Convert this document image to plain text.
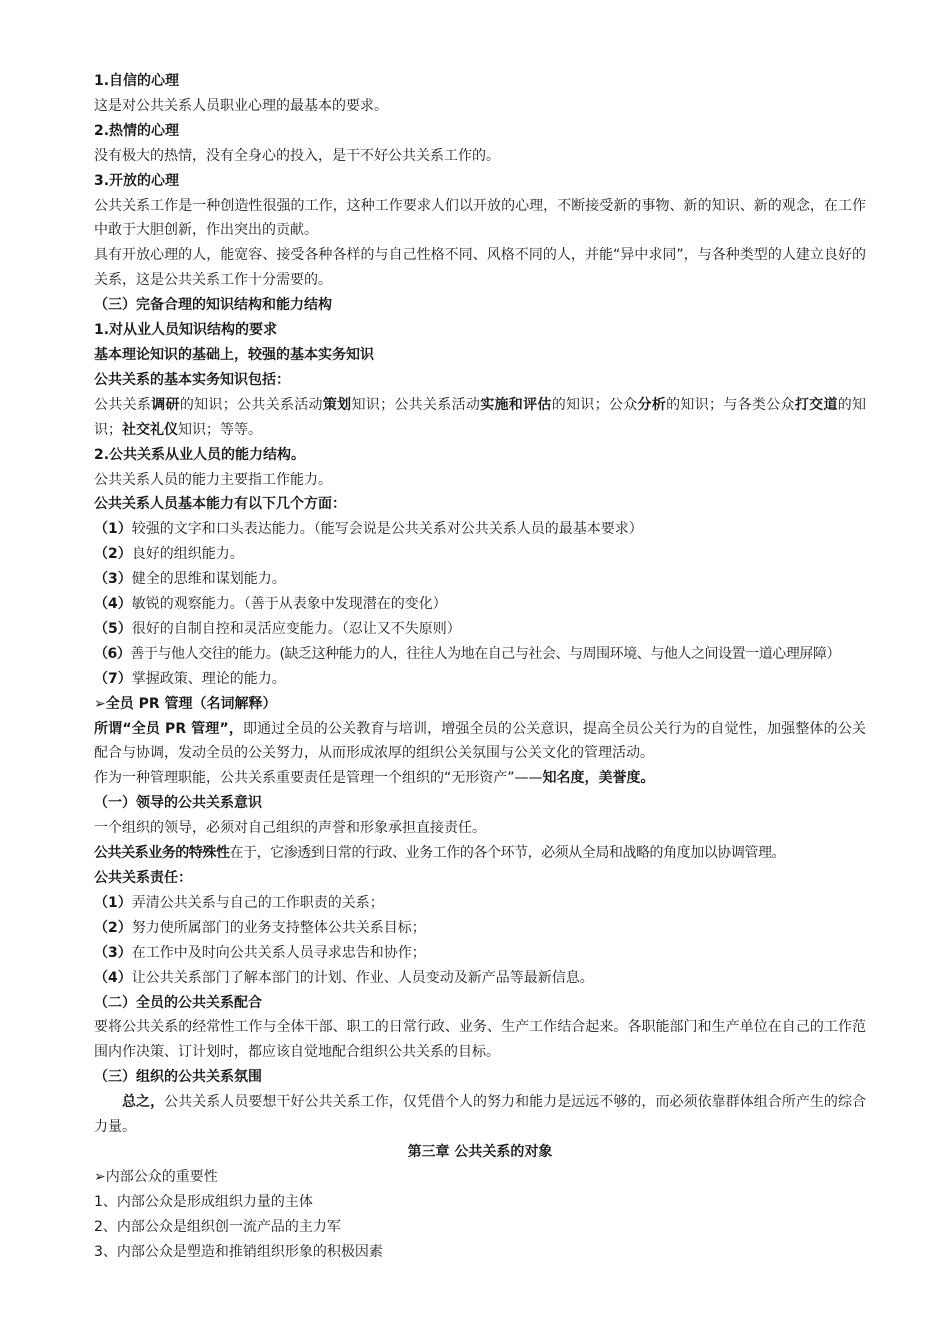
1.自信的心理

这是对公共关系人员职业心理的最基本的要求。

2.热情的心理

没有极大的热情，没有全身心的投入，是干不好公共关系工作的。

3.开放的心理

公共关系工作是一种创造性很强的工作，这种工作要求人们以开放的心理，不断接受新的事物、新的知识、新的观念，在工作中敢于大胆创新，作出突出的贡献。

具有开放心理的人，能宽容、接受各种各样的与自己性格不同、风格不同的人，并能“异中求同”，与各种类型的人建立良好的关系，这是公共关系工作十分需要的。

（三）完备合理的知识结构和能力结构

1.对从业人员知识结构的要求

基本理论知识的基础上，较强的基本实务知识

公共关系的基本实务知识包括：

公共关系调研的知识；公共关系活动策划知识；公共关系活动实施和评估的知识；公众分析的知识；与各类公众打交道的知识；社交礼仪知识；等等。

2.公共关系从业人员的能力结构。

公共关系人员的能力主要指工作能力。

公共关系人员基本能力有以下几个方面：

（1）较强的文字和口头表达能力。（能写会说是公共关系对公共关系人员的最基本要求）

（2）良好的组织能力。

（3）健全的思维和谋划能力。

（4）敏锐的观察能力。（善于从表象中发现潜在的变化）

（5）很好的自制自控和灵活应变能力。（忍让又不失原则）

（6）善于与他人交往的能力。(缺乏这种能力的人，往往人为地在自己与社会、与周围环境、与他人之间设置一道心理屏障）

（7）掌握政策、理论的能力。

➢全员 PR 管理（名词解释）

所谓“全员 PR 管理”，即通过全员的公关教育与培训，增强全员的公关意识，提高全员公关行为的自觉性，加强整体的公关配合与协调，发动全员的公关努力，从而形成浓厚的组织公关氛围与公关文化的管理活动。

作为一种管理职能，公共关系重要责任是管理一个组织的“无形资产”——知名度，美誉度。

（一）领导的公共关系意识

一个组织的领导，必须对自己组织的声誉和形象承担直接责任。

公共关系业务的特殊性在于，它渗透到日常的行政、业务工作的各个环节，必须从全局和战略的角度加以协调管理。

公共关系责任：

（1）弄清公共关系与自己的工作职责的关系；

（2）努力使所属部门的业务支持整体公共关系目标；

（3）在工作中及时向公共关系人员寻求忠告和协作；

（4）让公共关系部门了解本部门的计划、作业、人员变动及新产品等最新信息。

（二）全员的公共关系配合

要将公共关系的经常性工作与全体干部、职工的日常行政、业务、生产工作结合起来。各职能部门和生产单位在自己的工作范围内作决策、订计划时，都应该自觉地配合组织公共关系的目标。

（三）组织的公共关系氛围

总之，公共关系人员要想干好公共关系工作，仅凭借个人的努力和能力是远远不够的，而必须依靠群体组合所产生的综合力量。

第三章 公共关系的对象

➢内部公众的重要性

1、内部公众是形成组织力量的主体

2、内部公众是组织创一流产品的主力军

3、内部公众是塑造和推销组织形象的积极因素
